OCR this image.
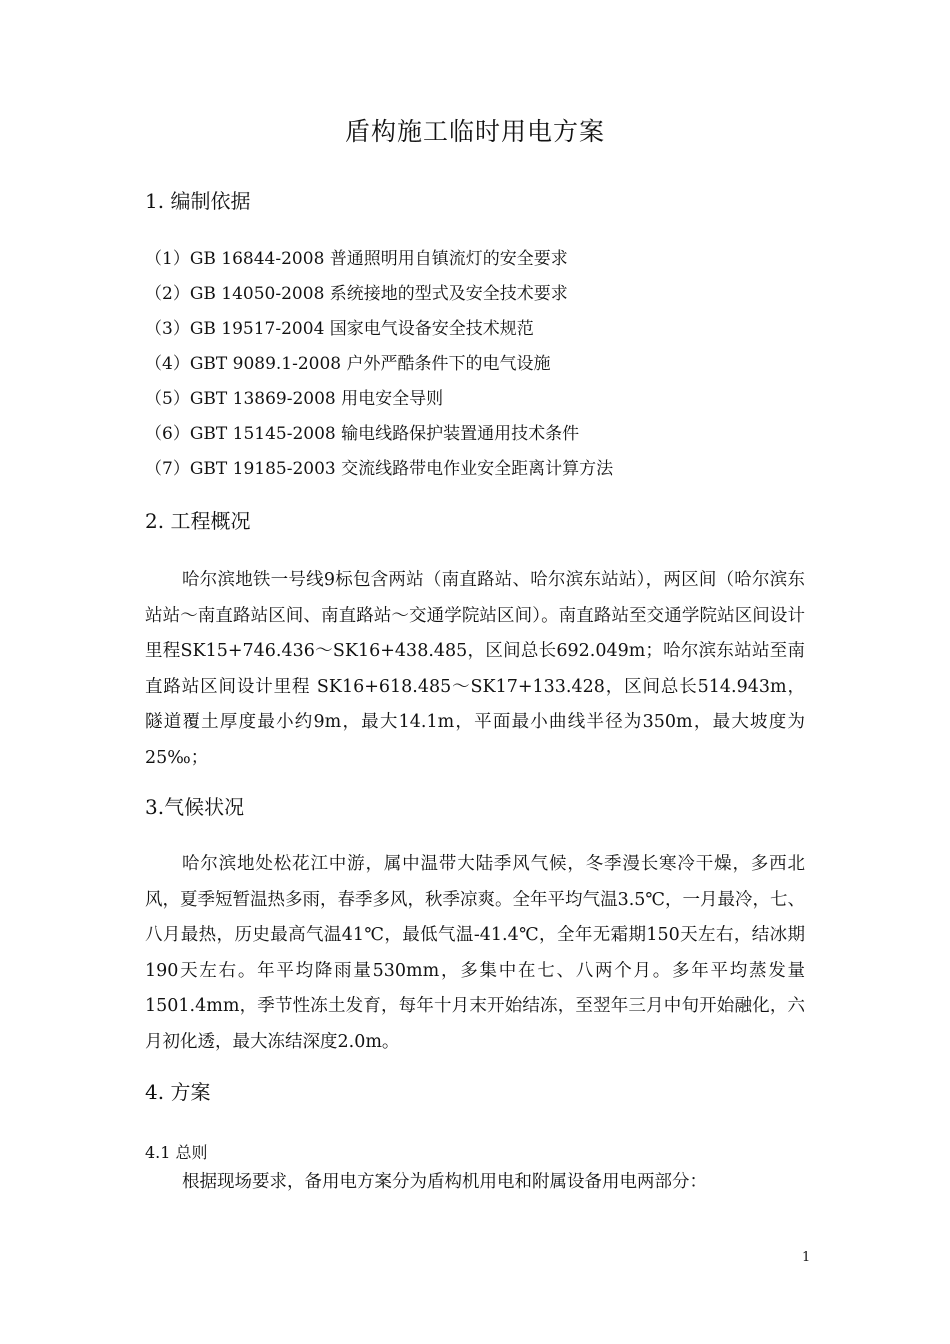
盾构施工临时用电方案
1. 编制依据
（1）GB 16844-2008 普通照明用自镇流灯的安全要求
（2）GB 14050-2008 系统接地的型式及安全技术要求
（3）GB 19517-2004 国家电气设备安全技术规范
（4）GBT 9089.1-2008 户外严酷条件下的电气设施
（5）GBT 13869-2008 用电安全导则
（6）GBT 15145-2008 输电线路保护装置通用技术条件
（7）GBT 19185-2003 交流线路带电作业安全距离计算方法
2. 工程概况
哈尔滨地铁一号线9标包含两站（南直路站、哈尔滨东站站），两区间（哈尔滨东站站～南直路站区间、南直路站～交通学院站区间）。南直路站至交通学院站区间设计里程SK15+746.436～SK16+438.485，区间总长692.049m；哈尔滨东站站至南直路站区间设计里程 SK16+618.485～SK17+133.428，区间总长514.943m，隧道覆土厚度最小约9m，最大14.1m，平面最小曲线半径为350m，最大坡度为25‰；
3.气候状况
哈尔滨地处松花江中游，属中温带大陆季风气候，冬季漫长寒冷干燥，多西北风，夏季短暂温热多雨，春季多风，秋季凉爽。全年平均气温3.5℃，一月最冷，七、八月最热，历史最高气温41℃，最低气温-41.4℃，全年无霜期150天左右，结冰期190天左右。年平均降雨量530mm，多集中在七、八两个月。多年平均蒸发量 1501.4mm，季节性冻土发育，每年十月末开始结冻，至翌年三月中旬开始融化，六月初化透，最大冻结深度2.0m。
4. 方案
4.1 总则
根据现场要求，备用电方案分为盾构机用电和附属设备用电两部分：
1
